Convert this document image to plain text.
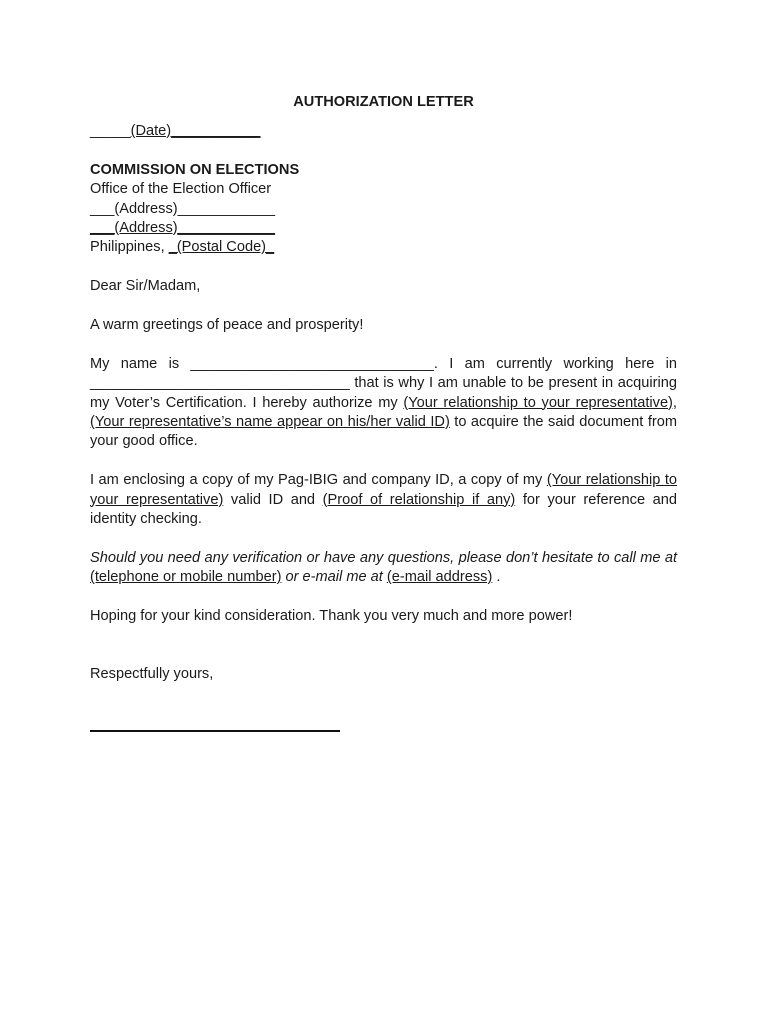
AUTHORIZATION LETTER
_____(Date)___________
COMMISSION ON ELECTIONS
Office of the Election Officer
___(Address)____________
___(Address)____________
Philippines, _(Postal Code)_
Dear Sir/Madam,
A warm greetings of peace and prosperity!
My name is ______________________________. I am currently working here in ________________________________ that is why I am unable to be present in acquiring my Voter’s Certification. I hereby authorize my (Your relationship to your representative), (Your representative’s name appear on his/her valid ID) to acquire the said document from your good office.
I am enclosing a copy of my Pag-IBIG and company ID, a copy of my (Your relationship to your representative) valid ID and (Proof of relationship if any) for your reference and identity checking.
Should you need any verification or have any questions, please don’t hesitate to call me at (telephone or mobile number) or e-mail me at (e-mail address) .
Hoping for your kind consideration. Thank you very much and more power!
Respectfully yours,
